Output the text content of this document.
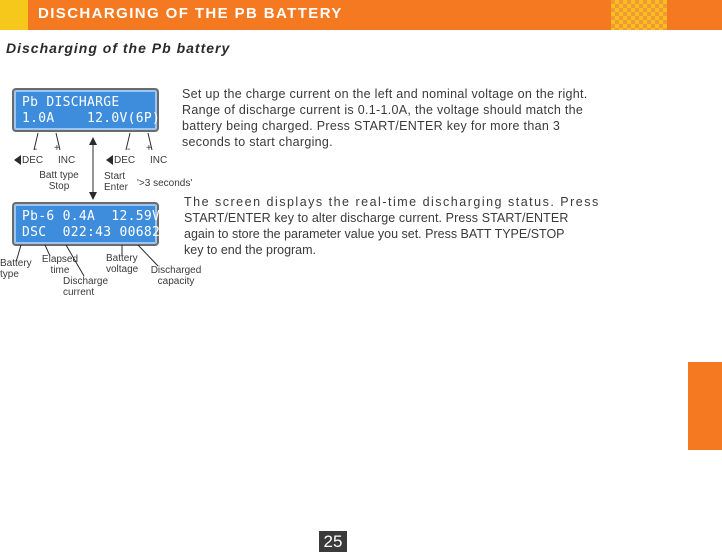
DISCHARGING OF THE PB BATTERY
Discharging of the Pb battery
Pb DISCHARGE
1.0A    12.0V(6P)
Pb-6 0.4A  12.59V
DSC  022:43 00682
- +	- +
DEC INC	DEC INC
Batt type
Stop
Start
Enter '>3 seconds'
Battery
type
Elapsed
time
Discharge
current
Battery
voltage	Discharged
capacity
Set up the charge current on the left and nominal voltage on the right.
Range of discharge current is 0.1-1.0A, the voltage should match the
battery being charged. Press START/ENTER key for more than 3
seconds to start charging.
The screen displays the real-time discharging status. Press
START/ENTER key to alter discharge current. Press START/ENTER
again to store the parameter value you set. Press BATT TYPE/STOP
key to end the program.
25
